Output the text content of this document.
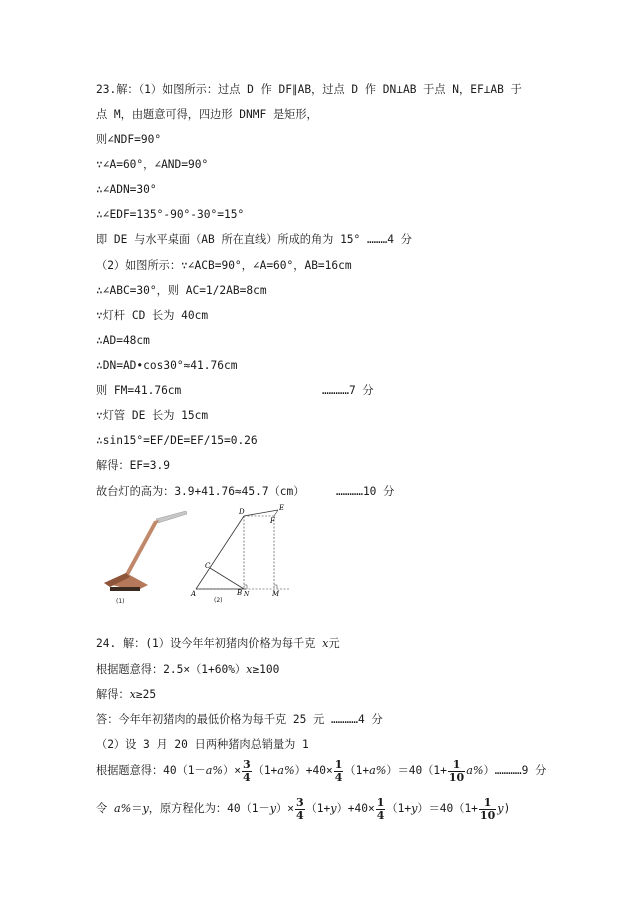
23.解：（1）如图所示：过点 D 作 DF∥AB，过点 D 作 DN⊥AB 于点 N，EF⊥AB 于
点 M，由题意可得，四边形 DNMF 是矩形，
则∠NDF=90°
∵∠A=60°，∠AND=90°
∴∠ADN=30°
∴∠EDF=135°-90°-30°=15°
即 DE 与水平桌面（AB 所在直线）所成的角为 15° ………4 分
（2）如图所示：∵∠ACB=90°，∠A=60°，AB=16cm
∴∠ABC=30°，则 AC=1/2AB=8cm
∵灯杆 CD 长为 40cm
∴AD=48cm
∴DN=AD•cos30°≈41.76cm
则 FM=41.76cm	…………7 分
∵灯管 DE 长为 15cm
∴sin15°=EF/DE=EF/15=0.26
解得：EF=3.9
故台灯的高为：3.9+41.76≈45.7（cm）	…………10 分
(1)
D	E
F
C
A	B N	M
(2)
24. 解：(1）设今年年初猪肉价格为每千克 x元
根据题意得：2.5×（1+60%）x≥100
解得：x≥25
答：今年年初猪肉的最低价格为每千克 25 元 …………4 分
（2）设 3 月 20 日两种猪肉总销量为 1
根据题意得：$40(1-a\%)\times \frac{3}{4} (1+a\%)+40\times \frac{1}{4} (1+a\%)=40(1+ \frac{1}{10}$ a%）…………9 分
令 a%＝y，原方程化为：$40(1-y)\times \frac{3}{4} (1+y)+40\times \frac{1}{4} (1+y)=40(1+ \frac{1}{10} y)$
